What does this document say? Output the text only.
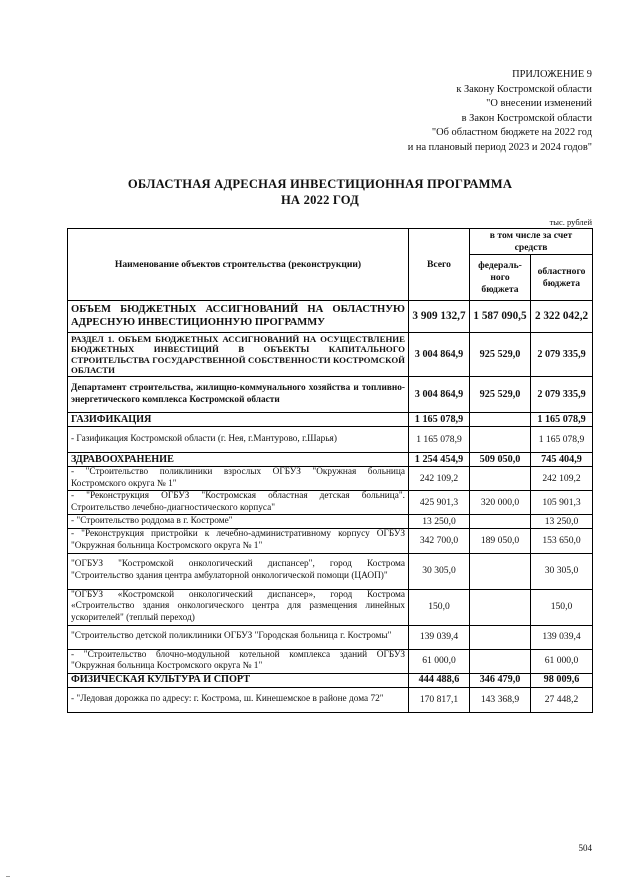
ПРИЛОЖЕНИЕ 9
к Закону Костромской области
"О внесении изменений
в Закон Костромской области
"Об областном бюджете на 2022 год
и на плановый период 2023 и 2024 годов"
ОБЛАСТНАЯ АДРЕСНАЯ ИНВЕСТИЦИОННАЯ ПРОГРАММА
НА 2022 ГОД
тыс. рублей
Наименование объектов строительства (реконструкции)	Всего	в том числе за счет средств	
		федераль-ного бюджета	областного бюджета
ОБЪЕМ БЮДЖЕТНЫХ АССИГНОВАНИЙ НА ОБЛАСТНУЮ АДРЕСНУЮ ИНВЕСТИЦИОННУЮ ПРОГРАММУ	3 909 132,7	1 587 090,5	2 322 042,2
РАЗДЕЛ 1. ОБЪЕМ БЮДЖЕТНЫХ АССИГНОВАНИЙ НА ОСУЩЕСТВЛЕНИЕ БЮДЖЕТНЫХ ИНВЕСТИЦИЙ В ОБЪЕКТЫ КАПИТАЛЬНОГО СТРОИТЕЛЬСТВА ГОСУДАРСТВЕННОЙ СОБСТВЕННОСТИ КОСТРОМСКОЙ ОБЛАСТИ	3 004 864,9	925 529,0	2 079 335,9
Департамент строительства, жилищно-коммунального хозяйства и топливно-энергетического комплекса Костромской области	3 004 864,9	925 529,0	2 079 335,9
ГАЗИФИКАЦИЯ	1 165 078,9		1 165 078,9
- Газификация Костромской области (г. Нея, г.Мантурово, г.Шарья)	1 165 078,9		1 165 078,9
ЗДРАВООХРАНЕНИЕ	1 254 454,9	509 050,0	745 404,9
- "Строительство поликлиники взрослых ОГБУЗ "Окружная больница Костромского округа № 1"	242 109,2		242 109,2
- "Реконструкция ОГБУЗ "Костромская областная детская больница". Строительство лечебно-диагностического корпуса"	425 901,3	320 000,0	105 901,3
- "Строительство роддома в г. Костроме"	13 250,0		13 250,0
- "Реконструкция пристройки к лечебно-административному корпусу ОГБУЗ "Окружная больница Костромского округа № 1"	342 700,0	189 050,0	153 650,0
"ОГБУЗ "Костромской онкологический диспансер", город Кострома "Строительство здания центра амбулаторной онкологической помощи (ЦАОП)"	30 305,0		30 305,0
"ОГБУЗ «Костромской онкологический диспансер», город Кострома «Строительство здания онкологического центра для размещения линейных ускорителей" (теплый переход)	150,0		150,0
"Строительство детской поликлиники ОГБУЗ "Городская больница г. Костромы"	139 039,4		139 039,4
- "Строительство блочно-модульной котельной комплекса зданий ОГБУЗ "Окружная больница Костромского округа № 1"	61 000,0		61 000,0
ФИЗИЧЕСКАЯ КУЛЬТУРА И СПОРТ	444 488,6	346 479,0	98 009,6
- "Ледовая дорожка по адресу: г. Кострома, ш. Кинешемское в районе дома 72"	170 817,1	143 368,9	27 448,2
504
